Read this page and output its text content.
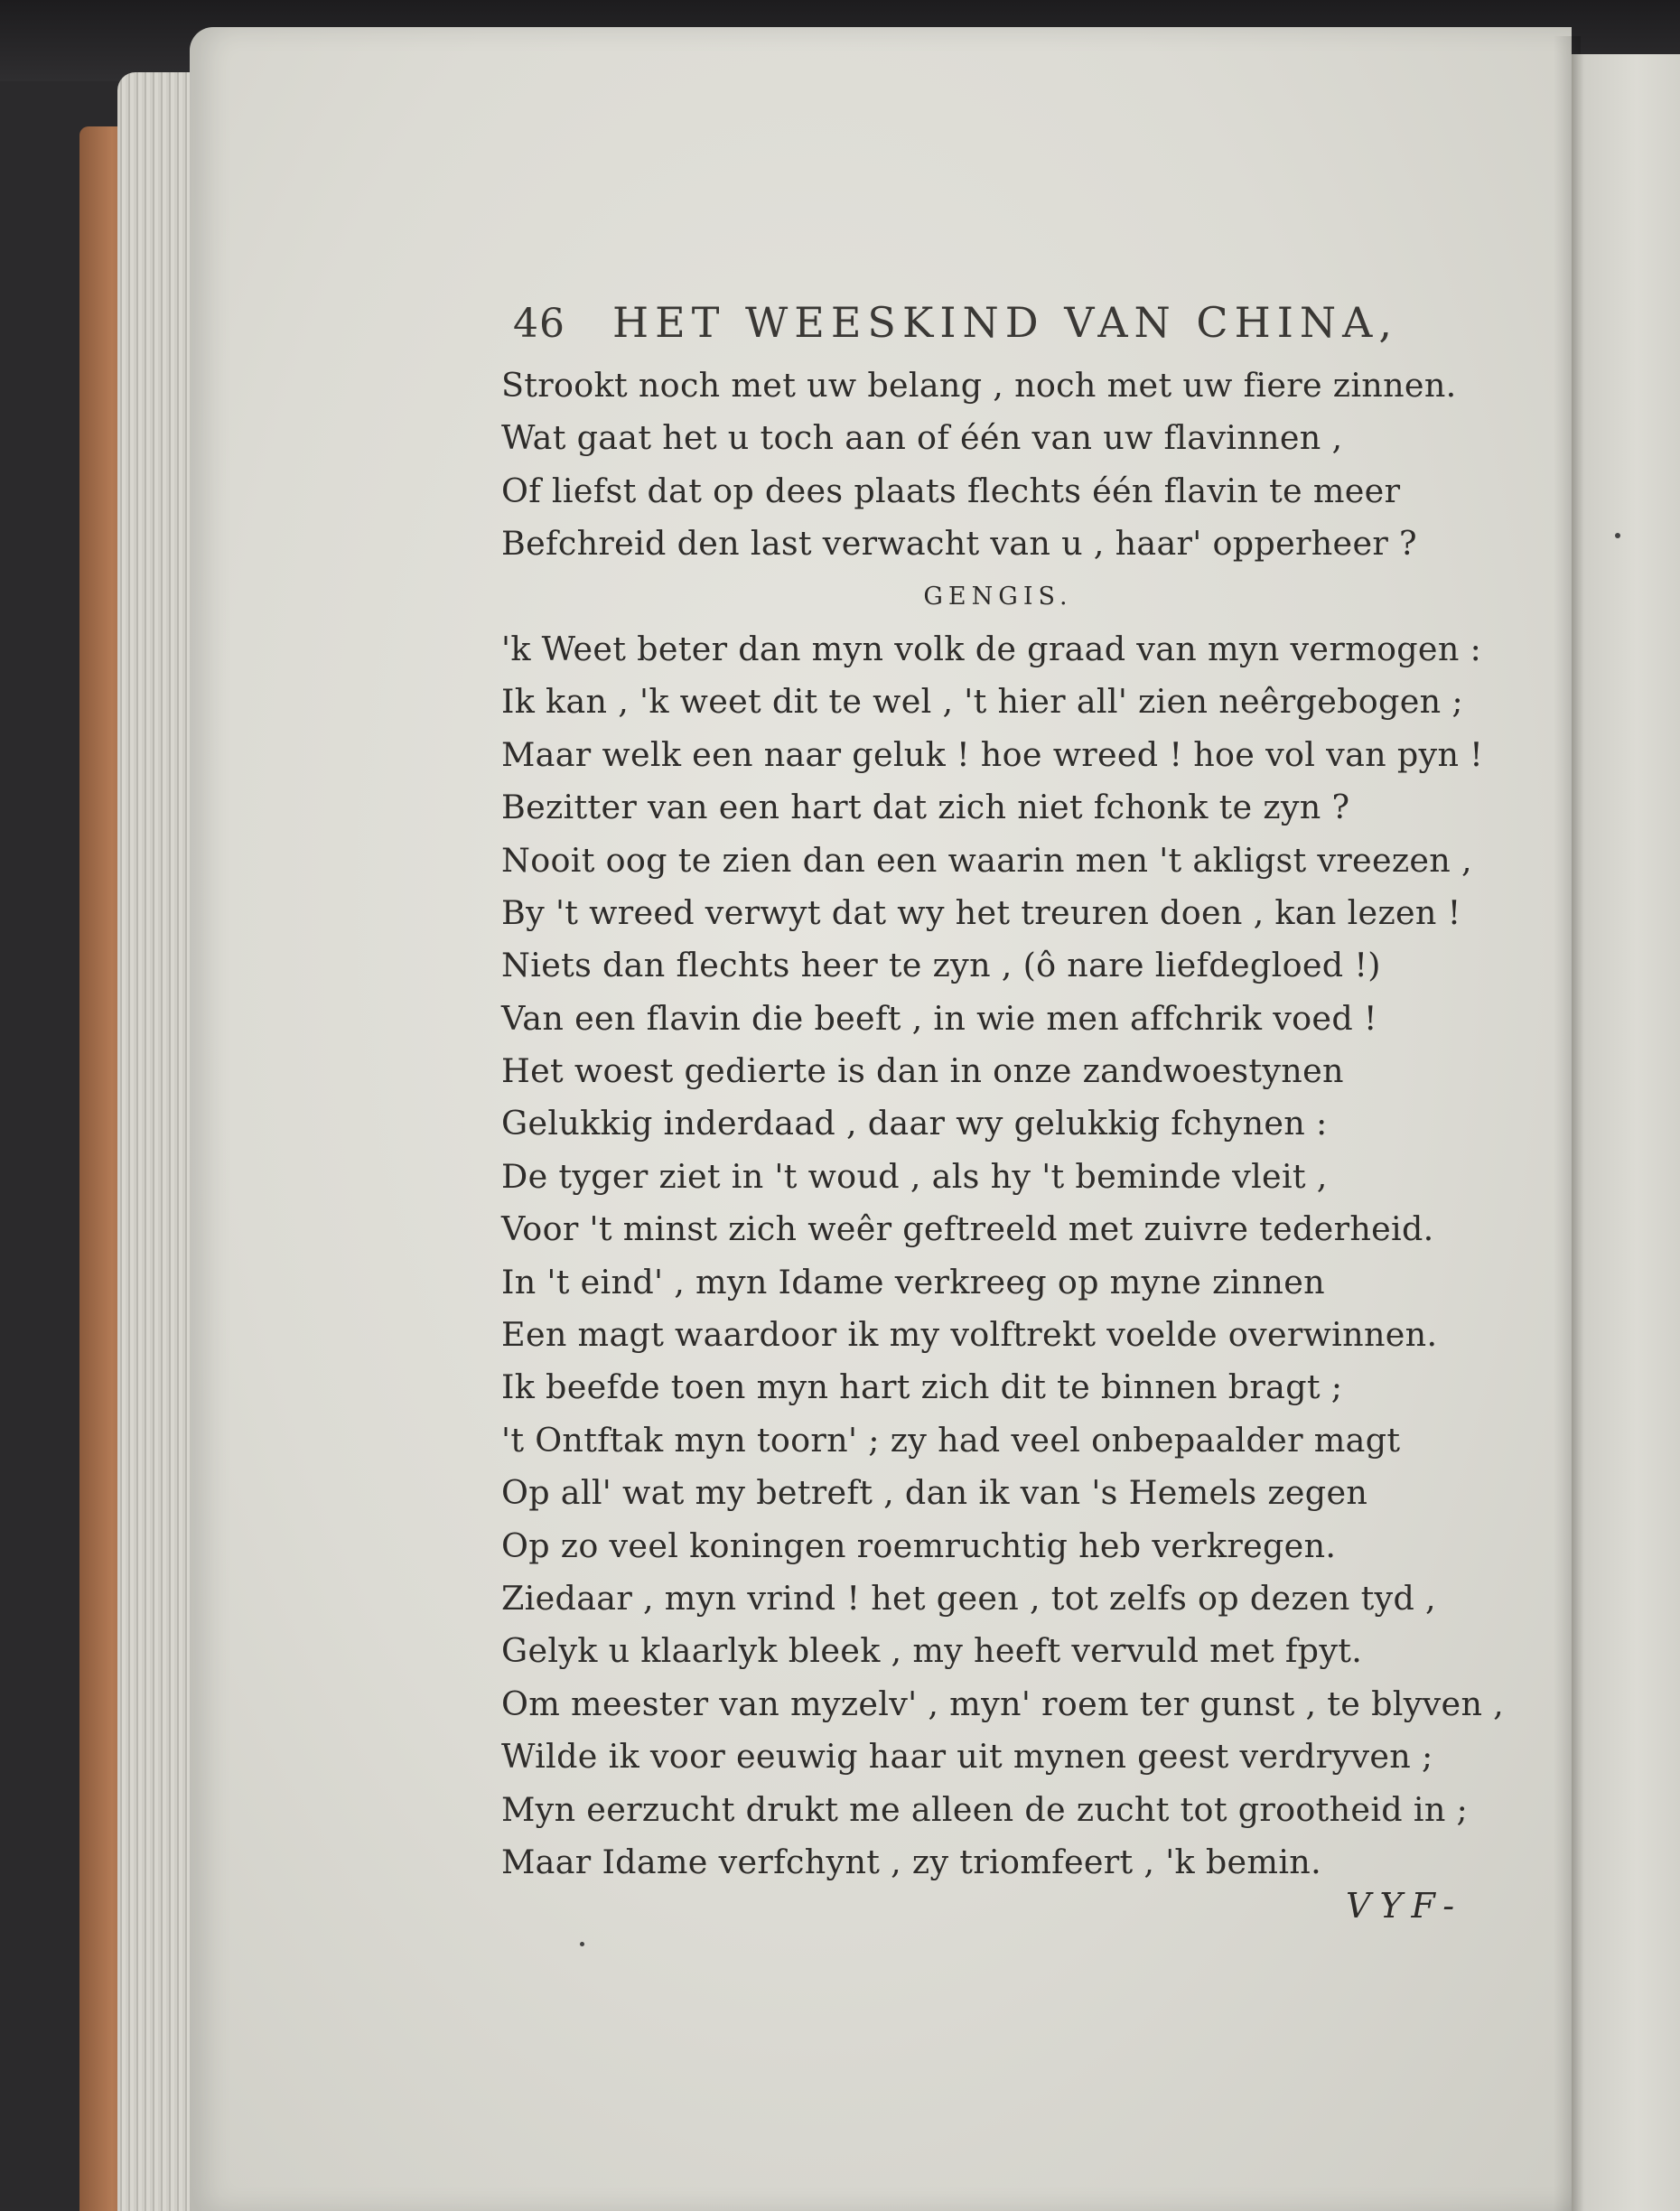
46	HET WEESKIND VAN CHINA,
Strookt noch met uw belang , noch met uw fiere zinnen.
Wat gaat het u toch aan of één van uw flavinnen ,
Of liefst dat op dees plaats flechts één flavin te meer
Befchreid den last verwacht van u , haar' opperheer ?
GENGIS.
'k Weet beter dan myn volk de graad van myn vermogen :
Ik kan , 'k weet dit te wel , 't hier all' zien neêrgebogen ;
Maar welk een naar geluk ! hoe wreed ! hoe vol van pyn !
Bezitter van een hart dat zich niet fchonk te zyn ?
Nooit oog te zien dan een waarin men 't akligst vreezen ,
By 't wreed verwyt dat wy het treuren doen , kan lezen !
Niets dan flechts heer te zyn , (ô nare liefdegloed !)
Van een flavin die beeft , in wie men affchrik voed !
Het woest gedierte is dan in onze zandwoestynen
Gelukkig inderdaad , daar wy gelukkig fchynen :
De tyger ziet in 't woud , als hy 't beminde vleit ,
Voor 't minst zich weêr geftreeld met zuivre tederheid.
In 't eind' , myn Idame verkreeg op myne zinnen
Een magt waardoor ik my volftrekt voelde overwinnen.
Ik beefde toen myn hart zich dit te binnen bragt ;
't Ontftak myn toorn' ; zy had veel onbepaalder magt
Op all' wat my betreft , dan ik van 's Hemels zegen
Op zo veel koningen roemruchtig heb verkregen.
Ziedaar , myn vrind ! het geen , tot zelfs op dezen tyd ,
Gelyk u klaarlyk bleek , my heeft vervuld met fpyt.
Om meester van myzelv' , myn' roem ter gunst , te blyven ,
Wilde ik voor eeuwig haar uit mynen geest verdryven ;
Myn eerzucht drukt me alleen de zucht tot grootheid in ;
Maar Idame verfchynt , zy triomfeert , 'k bemin.
VYF-
